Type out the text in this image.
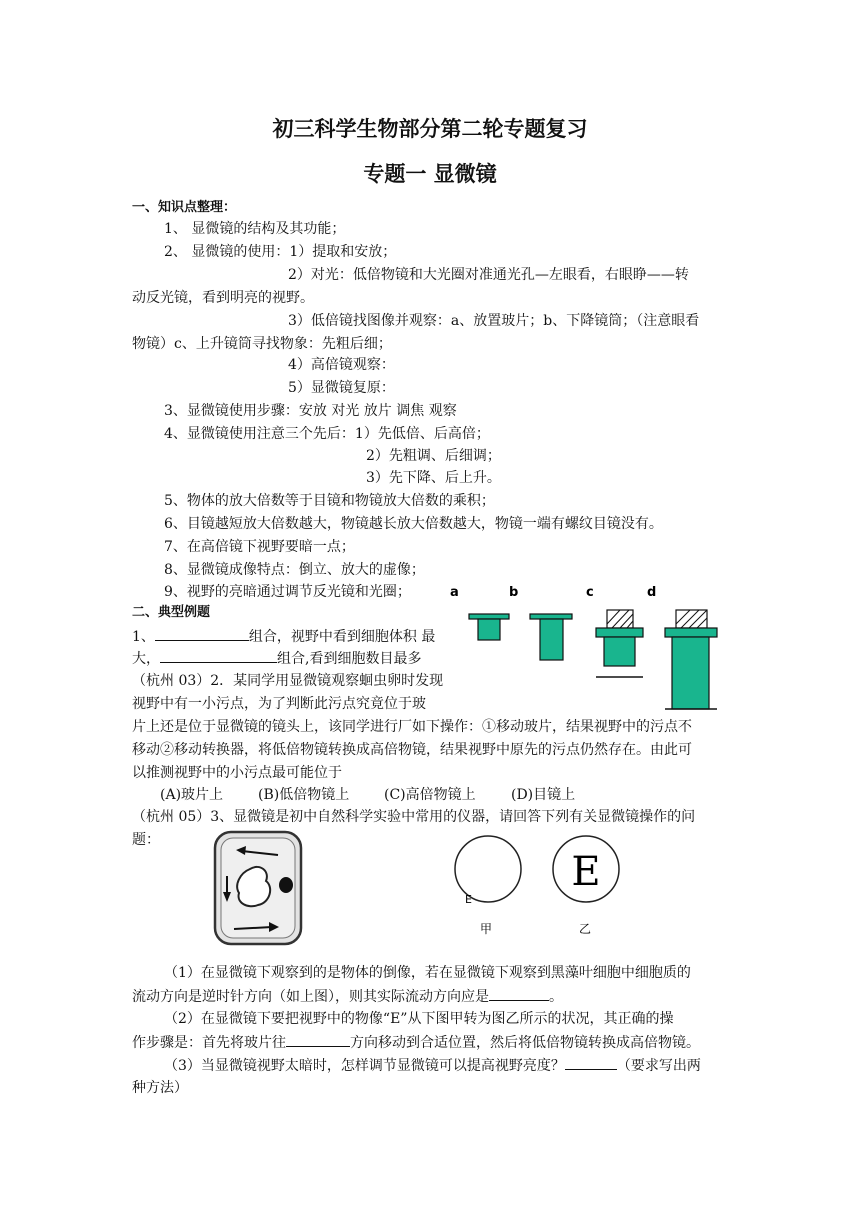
初三科学生物部分第二轮专题复习
专题一 显微镜
一、知识点整理：
1、 显微镜的结构及其功能；
2、 显微镜的使用：1）提取和安放；
2）对光：低倍物镜和大光圈对准通光孔—左眼看，右眼睁——转
动反光镜，看到明亮的视野。
3）低倍镜找图像并观察：a、放置玻片；b、下降镜筒；（注意眼看
物镜）c、上升镜筒寻找物象：先粗后细；
4）高倍镜观察：
5）显微镜复原：
3、显微镜使用步骤：安放 对光 放片 调焦 观察
4、显微镜使用注意三个先后：1）先低倍、后高倍；
2）先粗调、后细调；
3）先下降、后上升。
5、物体的放大倍数等于目镜和物镜放大倍数的乘积；
6、目镜越短放大倍数越大，物镜越长放大倍数越大，物镜一端有螺纹目镜没有。
7、在高倍镜下视野要暗一点；
8、显微镜成像特点：倒立、放大的虚像；
9、视野的亮暗通过调节反光镜和光圈；	a	b	c	d
二、典型例题
1、	组合，视野中看到细胞体积 最
大，	组合,看到细胞数目最多
（杭州 03）2．某同学用显微镜观察蛔虫卵时发现
视野中有一小污点，为了判断此污点究竟位于玻
片上还是位于显微镜的镜头上，该同学进行厂如下操作：①移动玻片，结果视野中的污点不
移动②移动转换器，将低倍物镜转换成高倍物镜，结果视野中原先的污点仍然存在。由此可
以推测视野中的小污点最可能位于
(A)玻片上 (B)低倍物镜上 (C)高倍物镜上	(D)目镜上
（杭州 05）3、显微镜是初中自然科学实验中常用的仪器，请回答下列有关显微镜操作的问
题：
E
E
甲	乙
（1）在显微镜下观察到的是物体的倒像，若在显微镜下观察到黑藻叶细胞中细胞质的
流动方向是逆时针方向（如上图），则其实际流动方向应是	。
（2）在显微镜下要把视野中的物像“E”从下图甲转为图乙所示的状况，其正确的操
作步骤是：首先将玻片往	方向移动到合适位置，然后将低倍物镜转换成高倍物镜。
（3）当显微镜视野太暗时，怎样调节显微镜可以提高视野亮度？	（要求写出两
种方法）
